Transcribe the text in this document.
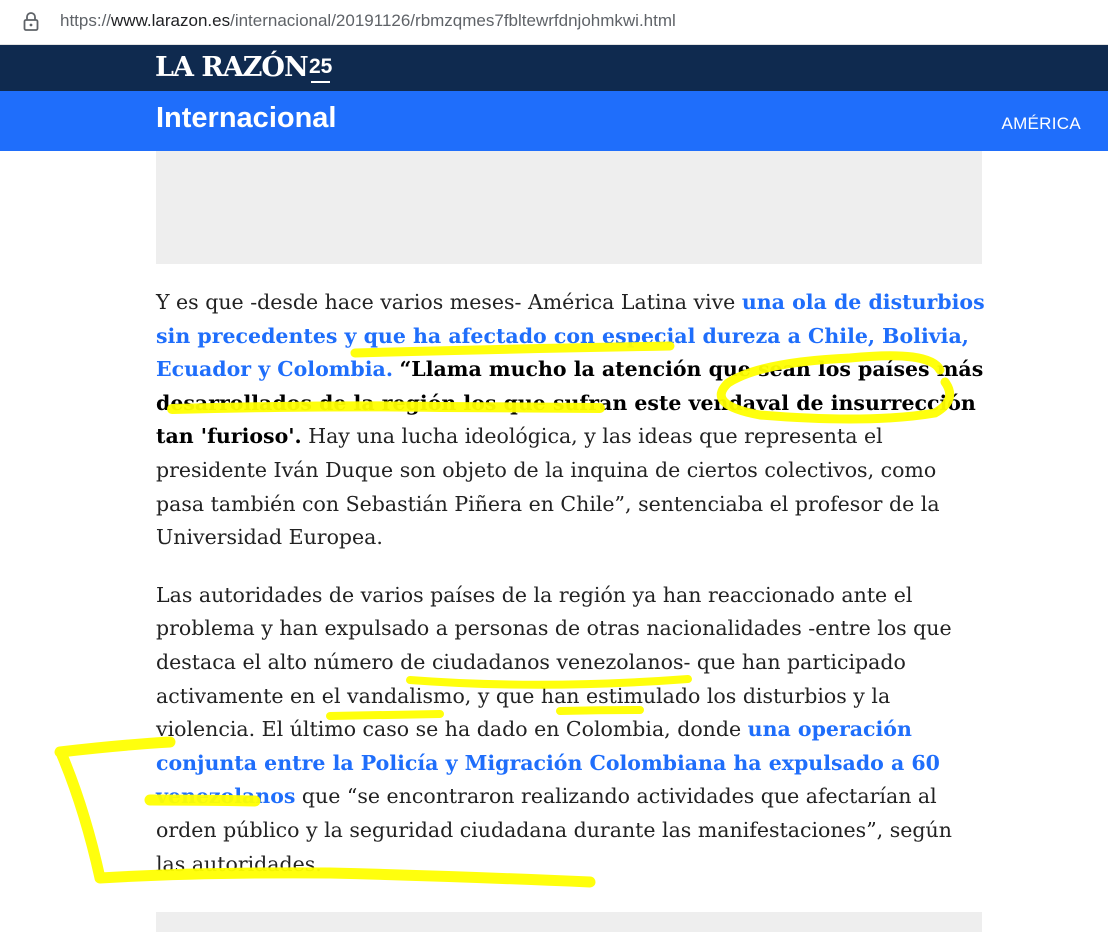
https://www.larazon.es/internacional/20191126/rbmzqmes7fbltewrfdnjohmkwi.html
LA RAZÓN 25
Internacional	AMÉRICA

Y es que -desde hace varios meses- América Latina vive una ola de disturbios sin precedentes y que ha afectado con especial dureza a Chile, Bolivia, Ecuador y Colombia. “Llama mucho la atención que sean los países más desarrollados de la región los que sufran este vendaval de insurrección tan 'furioso'. Hay una lucha ideológica, y las ideas que representa el presidente Iván Duque son objeto de la inquina de ciertos colectivos, como pasa también con Sebastián Piñera en Chile”, sentenciaba el profesor de la Universidad Europea.

Las autoridades de varios países de la región ya han reaccionado ante el problema y han expulsado a personas de otras nacionalidades -entre los que destaca el alto número de ciudadanos venezolanos- que han participado activamente en el vandalismo, y que han estimulado los disturbios y la violencia. El último caso se ha dado en Colombia, donde una operación conjunta entre la Policía y Migración Colombiana ha expulsado a 60 venezolanos que “se encontraron realizando actividades que afectarían al orden público y la seguridad ciudadana durante las manifestaciones”, según las autoridades.
